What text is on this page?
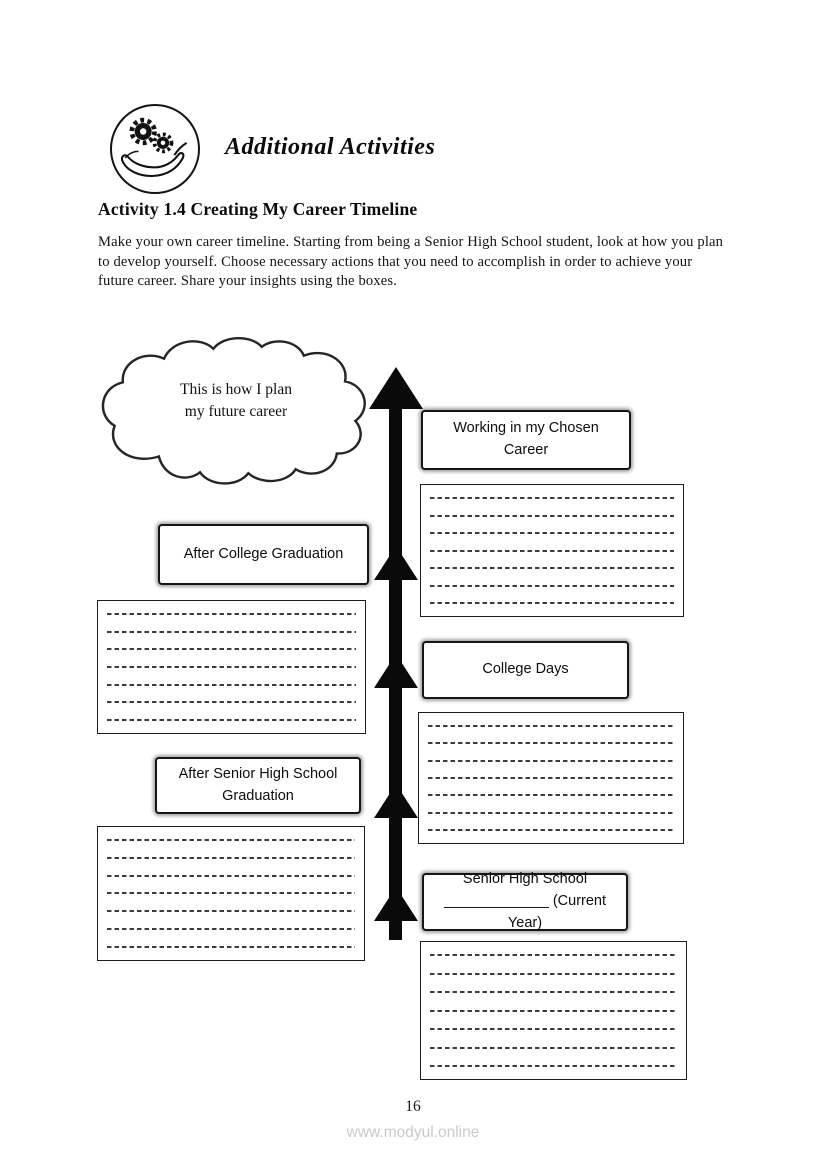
Additional Activities
Activity 1.4 Creating My Career Timeline
Make your own career timeline. Starting from being a Senior High School student, look at how you plan to develop yourself. Choose necessary actions that you need to accomplish in order to achieve your future career. Share your insights using the boxes.
This is how I plan
my future career
Working in my Chosen Career
After College Graduation
College Days
After Senior High School Graduation
Senior High School
_____________ (Current Year)
16
www.modyul.online
